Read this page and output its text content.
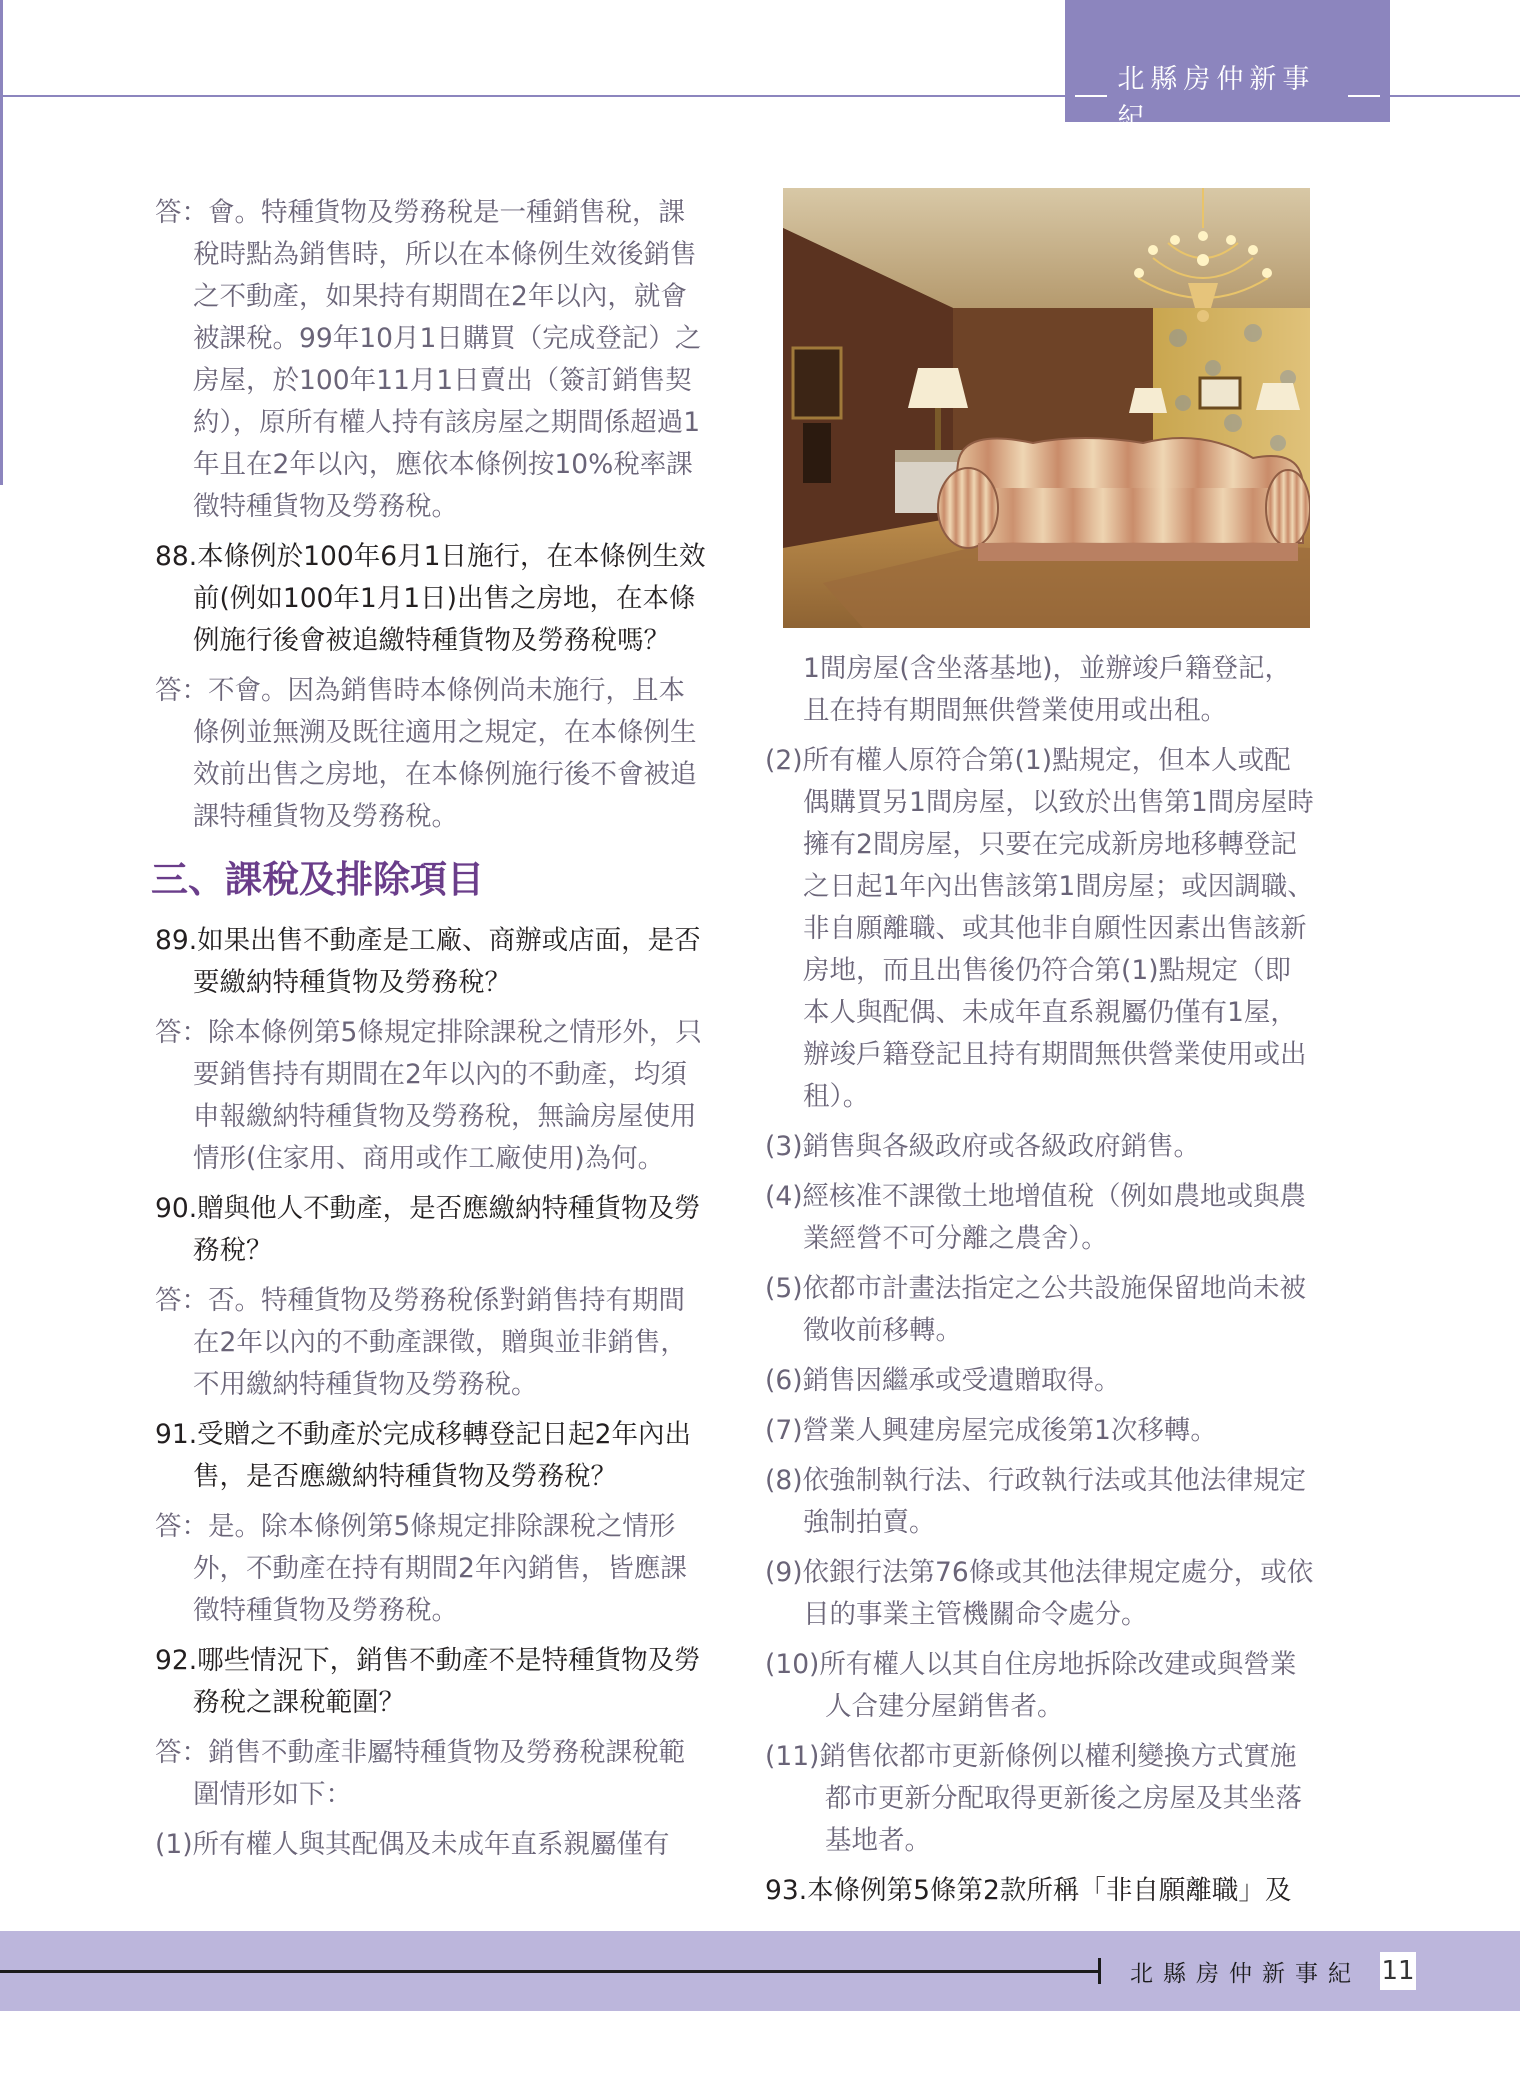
北縣房仲新事紀

答：會。特種貨物及勞務稅是一種銷售稅，課稅時點為銷售時，所以在本條例生效後銷售之不動產，如果持有期間在2年以內，就會被課稅。99年10月1日購買（完成登記）之房屋，於100年11月1日賣出（簽訂銷售契約），原所有權人持有該房屋之期間係超過1年且在2年以內，應依本條例按10%稅率課徵特種貨物及勞務稅。

88.本條例於100年6月1日施行，在本條例生效前(例如100年1月1日)出售之房地，在本條例施行後會被追繳特種貨物及勞務稅嗎？

答：不會。因為銷售時本條例尚未施行，且本條例並無溯及既往適用之規定，在本條例生效前出售之房地，在本條例施行後不會被追課特種貨物及勞務稅。

三、課稅及排除項目

89.如果出售不動產是工廠、商辦或店面，是否要繳納特種貨物及勞務稅？

答：除本條例第5條規定排除課稅之情形外，只要銷售持有期間在2年以內的不動產，均須申報繳納特種貨物及勞務稅，無論房屋使用情形(住家用、商用或作工廠使用)為何。

90.贈與他人不動產，是否應繳納特種貨物及勞務稅？

答：否。特種貨物及勞務稅係對銷售持有期間在2年以內的不動產課徵，贈與並非銷售，不用繳納特種貨物及勞務稅。

91.受贈之不動產於完成移轉登記日起2年內出售，是否應繳納特種貨物及勞務稅？

答：是。除本條例第5條規定排除課稅之情形外，不動產在持有期間2年內銷售，皆應課徵特種貨物及勞務稅。

92.哪些情況下，銷售不動產不是特種貨物及勞務稅之課稅範圍？

答：銷售不動產非屬特種貨物及勞務稅課稅範圍情形如下：

(1)所有權人與其配偶及未成年直系親屬僅有

1間房屋(含坐落基地)，並辦竣戶籍登記，且在持有期間無供營業使用或出租。

(2)所有權人原符合第(1)點規定，但本人或配偶購買另1間房屋，以致於出售第1間房屋時擁有2間房屋，只要在完成新房地移轉登記之日起1年內出售該第1間房屋；或因調職、非自願離職、或其他非自願性因素出售該新房地，而且出售後仍符合第(1)點規定（即本人與配偶、未成年直系親屬仍僅有1屋，辦竣戶籍登記且持有期間無供營業使用或出租）。

(3)銷售與各級政府或各級政府銷售。

(4)經核准不課徵土地增值稅（例如農地或與農業經營不可分離之農舍）。

(5)依都市計畫法指定之公共設施保留地尚未被徵收前移轉。

(6)銷售因繼承或受遺贈取得。

(7)營業人興建房屋完成後第1次移轉。

(8)依強制執行法、行政執行法或其他法律規定強制拍賣。

(9)依銀行法第76條或其他法律規定處分，或依目的事業主管機關命令處分。

(10)所有權人以其自住房地拆除改建或與營業人合建分屋銷售者。

(11)銷售依都市更新條例以權利變換方式實施都市更新分配取得更新後之房屋及其坐落基地者。

93.本條例第5條第2款所稱「非自願離職」及

北縣房仲新事紀 11
